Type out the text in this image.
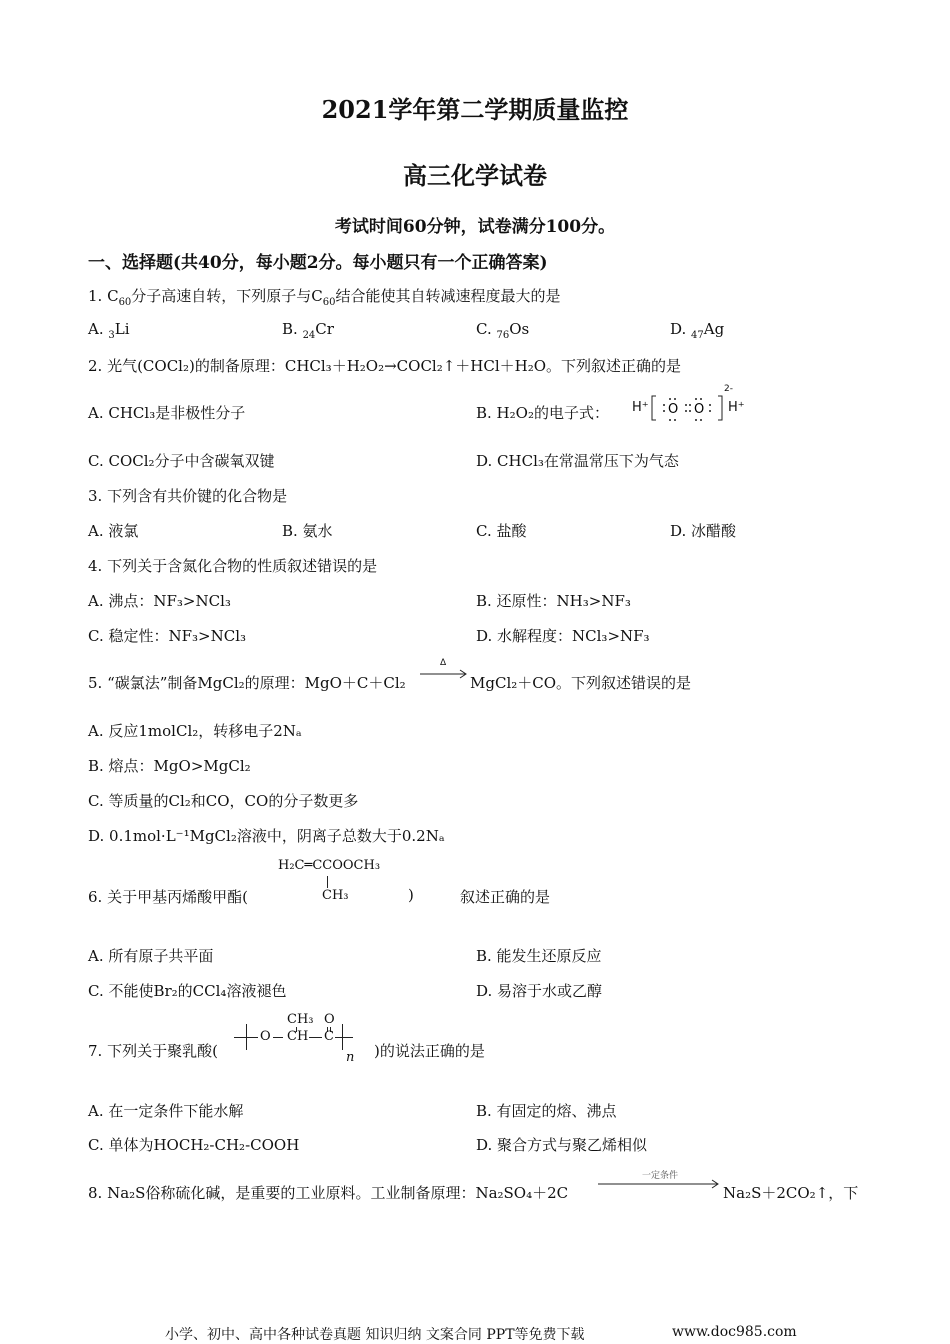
2021学年第二学期质量监控
高三化学试卷
考试时间60分钟，试卷满分100分。
一、选择题(共40分，每小题2分。每小题只有一个正确答案)
1. $C_{60}$分子高速自转，下列原子与$C_{60}$结合能使其自转减速程度最大的是
A. $_3$Li	B. $_{24}$Cr	C. $_{76}$Os	D. $_{47}$Ag
2. 光气(COCl₂)的制备原理：CHCl₃＋H₂O₂→COCl₂↑＋HCl＋H₂O。下列叙述正确的是
A. CHCl₃是非极性分子	B. H₂O₂的电子式： H⁺ O O
2-
H⁺
C. COCl₂分子中含碳氧双键	D. CHCl₃在常温常压下为气态
3. 下列含有共价键的化合物是
A. 液氯	B. 氨水	C. 盐酸	D. 冰醋酸
4. 下列关于含氮化合物的性质叙述错误的是
A. 沸点：NF₃>NCl₃	B. 还原性：NH₃>NF₃
C. 稳定性：NF₃>NCl₃	D. 水解程度：NCl₃>NF₃
5. “碳氯法”制备MgCl₂的原理：MgO＋C＋Cl₂
Δ
MgCl₂＋CO。下列叙述错误的是
A. 反应1molCl₂，转移电子2Nₐ
B. 熔点：MgO>MgCl₂
C. 等质量的Cl₂和CO，CO的分子数更多
D. 0.1mol·L⁻¹MgCl₂溶液中，阴离子总数大于0.2Nₐ
6. 关于甲基丙烯酸甲酯(
H₂C═CCOOCH₃
CH₃	)	叙述正确的是
A. 所有原子共平面	B. 能发生还原反应
C. 不能使Br₂的CCl₄溶液褪色	D. 易溶于水或乙醇
7. 下列关于聚乳酸(
O
CH₃
CH
O
C
n )的说法正确的是
A. 在一定条件下能水解	B. 有固定的熔、沸点
C. 单体为HOCH₂-CH₂-COOH	D. 聚合方式与聚乙烯相似
8. Na₂S俗称硫化碱，是重要的工业原料。工业制备原理：Na₂SO₄＋2C
一定条件
Na₂S＋2CO₂↑，下
小学、初中、高中各种试卷真题 知识归纳 文案合同 PPT等免费下载	www.doc985.com
